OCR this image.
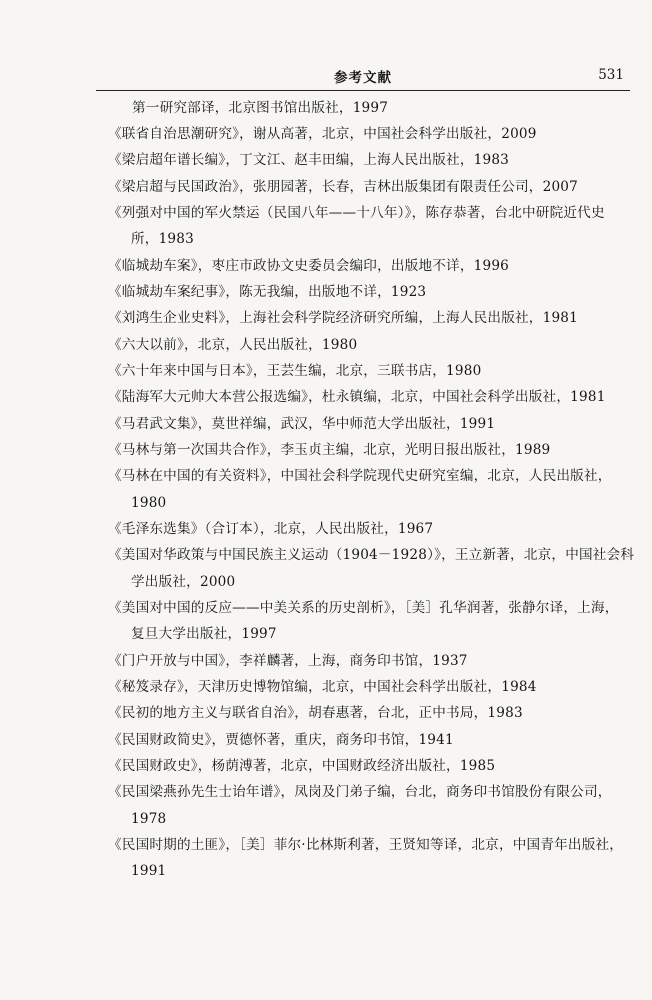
参考文献	531
第一研究部译，北京图书馆出版社，1997
《联省自治思潮研究》，谢从高著，北京，中国社会科学出版社，2009
《梁启超年谱长编》，丁文江、赵丰田编，上海人民出版社，1983
《梁启超与民国政治》，张朋园著，长春，吉林出版集团有限责任公司，2007
《列强对中国的军火禁运（民国八年——十八年）》，陈存恭著，台北中研院近代史
所，1983
《临城劫车案》，枣庄市政协文史委员会编印，出版地不详，1996
《临城劫车案纪事》，陈无我编，出版地不详，1923
《刘鸿生企业史料》，上海社会科学院经济研究所编，上海人民出版社，1981
《六大以前》，北京，人民出版社，1980
《六十年来中国与日本》，王芸生编，北京，三联书店，1980
《陆海军大元帅大本营公报选编》，杜永镇编，北京，中国社会科学出版社，1981
《马君武文集》，莫世祥编，武汉，华中师范大学出版社，1991
《马林与第一次国共合作》，李玉贞主编，北京，光明日报出版社，1989
《马林在中国的有关资料》，中国社会科学院现代史研究室编，北京，人民出版社，
1980
《毛泽东选集》（合订本），北京，人民出版社，1967
《美国对华政策与中国民族主义运动（1904－1928）》，王立新著，北京，中国社会科
学出版社，2000
《美国对中国的反应——中美关系的历史剖析》，［美］孔华润著，张静尔译，上海，
复旦大学出版社，1997
《门户开放与中国》，李祥麟著，上海，商务印书馆，1937
《秘笈录存》，天津历史博物馆编，北京，中国社会科学出版社，1984
《民初的地方主义与联省自治》，胡春惠著，台北，正中书局，1983
《民国财政简史》，贾德怀著，重庆，商务印书馆，1941
《民国财政史》，杨荫溥著，北京，中国财政经济出版社，1985
《民国梁燕孙先生士诒年谱》，凤岗及门弟子编，台北，商务印书馆股份有限公司，
1978
《民国时期的土匪》，［美］菲尔·比林斯利著，王贤知等译，北京，中国青年出版社，
1991
